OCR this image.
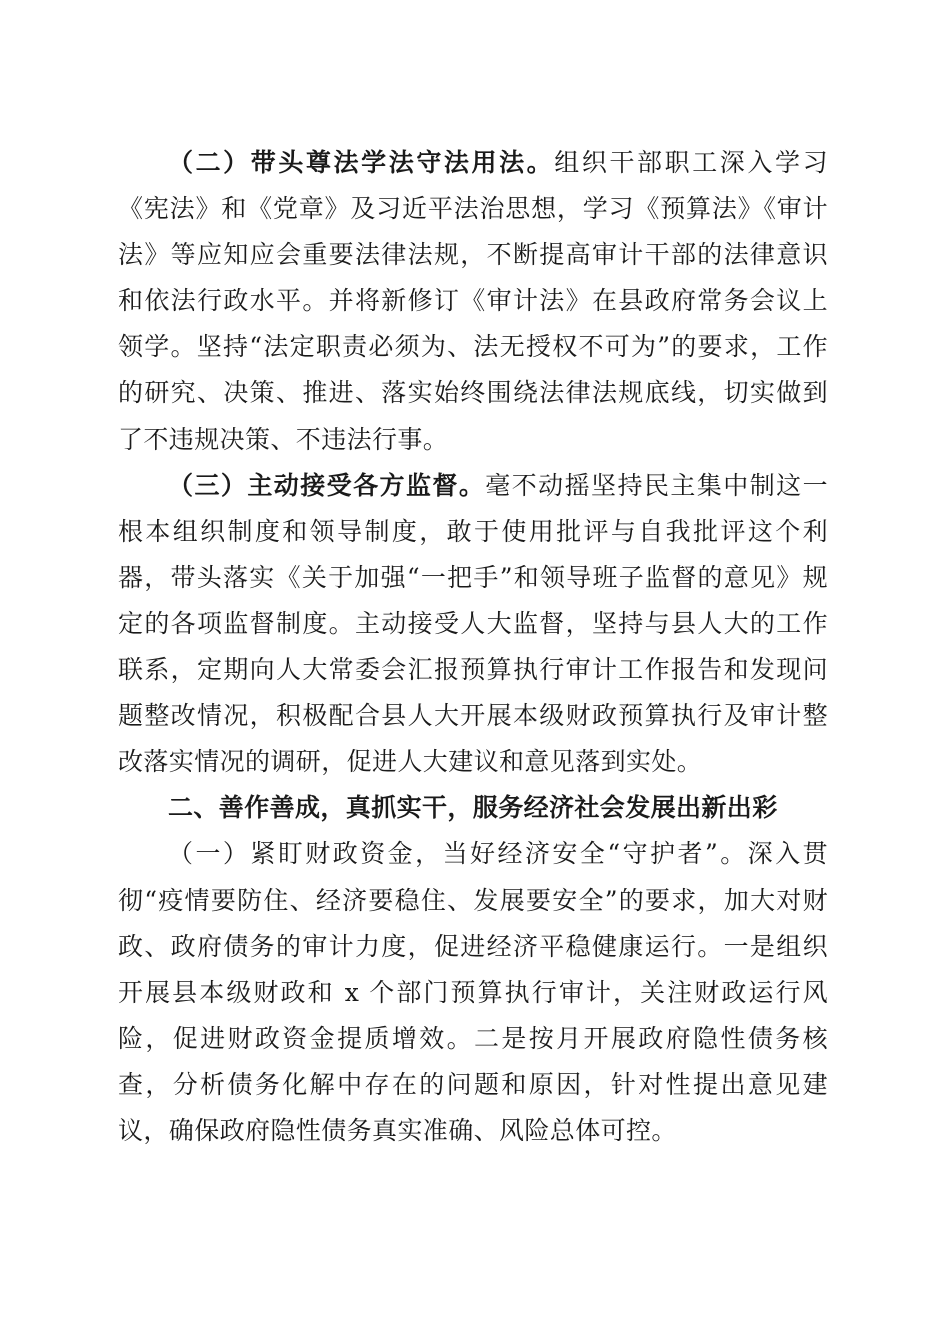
（二）带头尊法学法守法用法。组织干部职工深入学习《宪法》和《党章》及习近平法治思想，学习《预算法》《审计法》等应知应会重要法律法规，不断提高审计干部的法律意识和依法行政水平。并将新修订《审计法》在县政府常务会议上领学。坚持“法定职责必须为、法无授权不可为”的要求，工作的研究、决策、推进、落实始终围绕法律法规底线，切实做到了不违规决策、不违法行事。

（三）主动接受各方监督。毫不动摇坚持民主集中制这一根本组织制度和领导制度，敢于使用批评与自我批评这个利器，带头落实《关于加强“一把手”和领导班子监督的意见》规定的各项监督制度。主动接受人大监督，坚持与县人大的工作联系，定期向人大常委会汇报预算执行审计工作报告和发现问题整改情况，积极配合县人大开展本级财政预算执行及审计整改落实情况的调研，促进人大建议和意见落到实处。

二、善作善成，真抓实干，服务经济社会发展出新出彩

（一）紧盯财政资金，当好经济安全“守护者”。深入贯彻“疫情要防住、经济要稳住、发展要安全”的要求，加大对财政、政府债务的审计力度，促进经济平稳健康运行。一是组织开展县本级财政和 x 个部门预算执行审计，关注财政运行风险，促进财政资金提质增效。二是按月开展政府隐性债务核查，分析债务化解中存在的问题和原因，针对性提出意见建议，确保政府隐性债务真实准确、风险总体可控。
